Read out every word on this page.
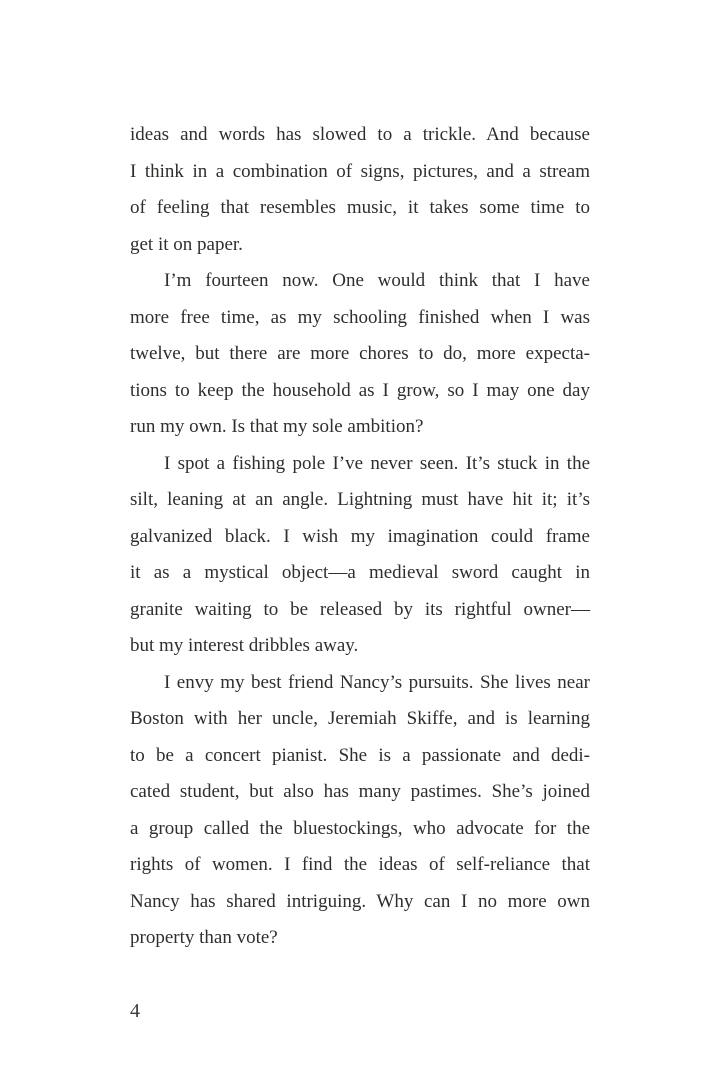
ideas and words has slowed to a trickle. And because
I think in a combination of signs, pictures, and a stream
of feeling that resembles music, it takes some time to
get it on paper.
I’m fourteen now. One would think that I have
more free time, as my schooling finished when I was
twelve, but there are more chores to do, more expecta-
tions to keep the household as I grow, so I may one day
run my own. Is that my sole ambition?
I spot a fishing pole I’ve never seen. It’s stuck in the
silt, leaning at an angle. Lightning must have hit it; it’s
galvanized black. I wish my imagination could frame
it as a mystical object—a medieval sword caught in
granite waiting to be released by its rightful owner—
but my interest dribbles away.
I envy my best friend Nancy’s pursuits. She lives near
Boston with her uncle, Jeremiah Skiffe, and is learning
to be a concert pianist. She is a passionate and dedi-
cated student, but also has many pastimes. She’s joined
a group called the bluestockings, who advocate for the
rights of women. I find the ideas of self-reliance that
Nancy has shared intriguing. Why can I no more own
property than vote?
4
